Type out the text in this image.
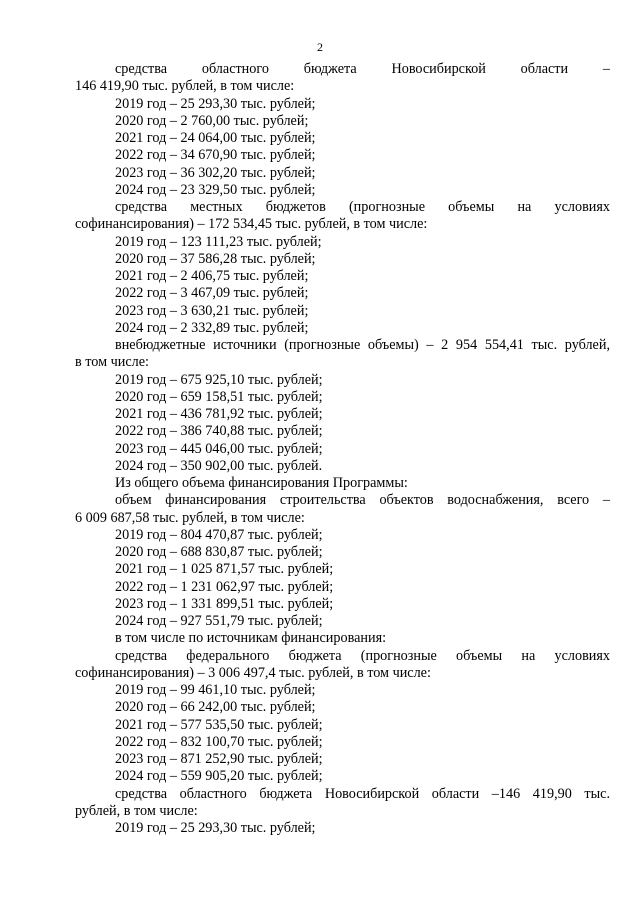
2
средства областного бюджета Новосибирской области –
146 419,90 тыс. рублей, в том числе:
2019 год – 25 293,30 тыс. рублей;
2020 год – 2 760,00 тыс. рублей;
2021 год – 24 064,00 тыс. рублей;
2022 год – 34 670,90 тыс. рублей;
2023 год – 36 302,20 тыс. рублей;
2024 год – 23 329,50 тыс. рублей;
средства местных бюджетов (прогнозные объемы на условиях
софинансирования) – 172 534,45 тыс. рублей, в том числе:
2019 год – 123 111,23 тыс. рублей;
2020 год – 37 586,28 тыс. рублей;
2021 год – 2 406,75 тыс. рублей;
2022 год – 3 467,09 тыс. рублей;
2023 год – 3 630,21 тыс. рублей;
2024 год – 2 332,89 тыс. рублей;
внебюджетные источники (прогнозные объемы) – 2 954 554,41 тыс. рублей,
в том числе:
2019 год – 675 925,10 тыс. рублей;
2020 год – 659 158,51 тыс. рублей;
2021 год – 436 781,92 тыс. рублей;
2022 год – 386 740,88 тыс. рублей;
2023 год – 445 046,00 тыс. рублей;
2024 год – 350 902,00 тыс. рублей.
Из общего объема финансирования Программы:
объем финансирования строительства объектов водоснабжения, всего –
6 009 687,58 тыс. рублей, в том числе:
2019 год – 804 470,87 тыс. рублей;
2020 год – 688 830,87 тыс. рублей;
2021 год – 1 025 871,57 тыс. рублей;
2022 год – 1 231 062,97 тыс. рублей;
2023 год – 1 331 899,51 тыс. рублей;
2024 год – 927 551,79 тыс. рублей;
в том числе по источникам финансирования:
средства федерального бюджета (прогнозные объемы на условиях
софинансирования) – 3 006 497,4 тыс. рублей, в том числе:
2019 год – 99 461,10 тыс. рублей;
2020 год – 66 242,00 тыс. рублей;
2021 год – 577 535,50 тыс. рублей;
2022 год – 832 100,70 тыс. рублей;
2023 год – 871 252,90 тыс. рублей;
2024 год – 559 905,20 тыс. рублей;
средства областного бюджета Новосибирской области –146 419,90 тыс.
рублей, в том числе:
2019 год – 25 293,30 тыс. рублей;
